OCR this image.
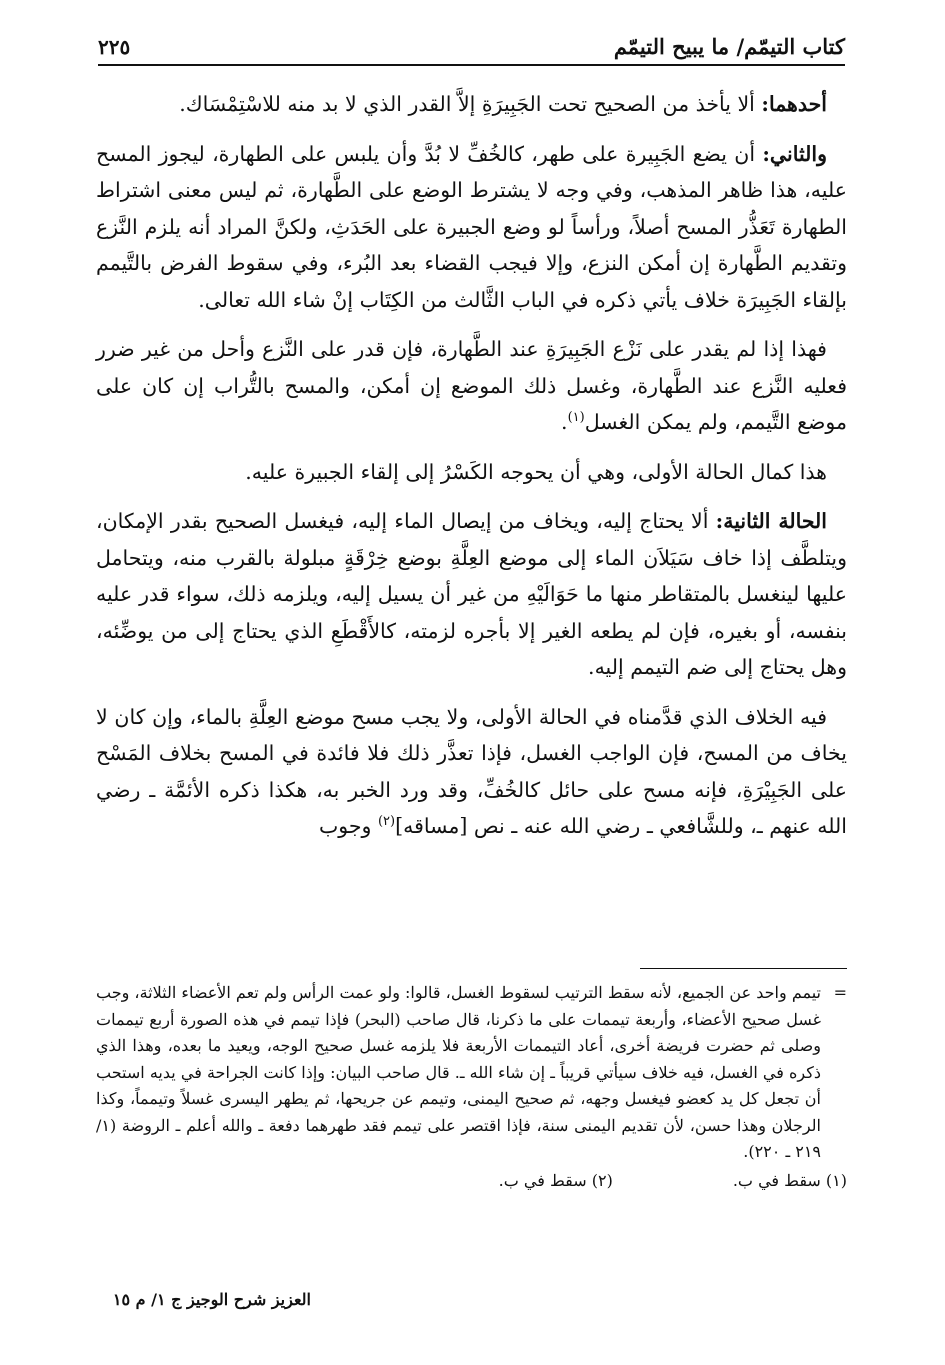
كتاب التيمّم/ ما يبيح التيمّم
٢٢٥

أحدهما: ألا يأخذ من الصحيح تحت الجَبِيرَةِ إلاَّ القدر الذي لا بد منه للاسْتِمْسَاك.

والثاني: أن يضع الجَبِيرة على طهر، كالخُفِّ لا بُدَّ وأن يلبس على الطهارة، ليجوز المسح عليه، هذا ظاهر المذهب، وفي وجه لا يشترط الوضع على الطَّهارة، ثم ليس معنى اشتراط الطهارة تَعَذُّر المسح أصلاً، ورأساً لو وضع الجبيرة على الحَدَثِ، ولكنَّ المراد أنه يلزم النَّزع وتقديم الطَّهارة إن أمكن النزع، وإلا فيجب القضاء بعد البُرء، وفي سقوط الفرض بالتَّيمم بإلقاء الجَبِيرَة خلاف يأتي ذكره في الباب الثَّالث من الكِتَاب إنْ شاء الله تعالى.

فهذا إذا لم يقدر على نَزْع الجَبِيرَةِ عند الطَّهارة، فإن قدر على النَّزع وأحل من غير ضرر فعليه النَّزع عند الطَّهارة، وغسل ذلك الموضع إن أمكن، والمسح بالتُّراب إن كان على موضع التَّيمم، ولم يمكن الغسل$^{(١)}$.

هذا كمال الحالة الأولى، وهي أن يحوجه الكَسْرُ إلى إلقاء الجبيرة عليه.

الحالة الثانية: ألا يحتاج إليه، ويخاف من إيصال الماء إليه، فيغسل الصحيح بقدر الإمكان، ويتلطَّف إذا خاف سَيَلاَن الماء إلى موضع العِلَّةِ بوضع خِرْقَةٍ مبلولة بالقرب منه، ويتحامل عليها لينغسل بالمتقاطر منها ما حَوَالَيْهِ من غير أن يسيل إليه، ويلزمه ذلك، سواء قدر عليه بنفسه، أو بغيره، فإن لم يطعه الغير إلا بأجره لزمته، كالأَقْطَعِ الذي يحتاج إلى من يوضِّئه، وهل يحتاج إلى ضم التيمم إليه.

فيه الخلاف الذي قدَّمناه في الحالة الأولى، ولا يجب مسح موضع العِلَّةِ بالماء، وإن كان لا يخاف من المسح، فإن الواجب الغسل، فإذا تعذَّر ذلك فلا فائدة في المسح بخلاف المَسْح على الجَبِيْرَةِ، فإنه مسح على حائل كالخُفِّ، وقد ورد الخبر به، هكذا ذكره الأئمَّة ـ رضي الله عنهم ـ، وللشَّافعي ـ رضي الله عنه ـ نص [مساقه]$^{(٢)}$ وجوب

=
تيمم واحد عن الجميع، لأنه سقط الترتيب لسقوط الغسل، قالوا: ولو عمت الرأس ولم تعم الأعضاء الثلاثة، وجب غسل صحيح الأعضاء، وأربعة تيممات على ما ذكرنا، قال صاحب (البحر) فإذا تيمم في هذه الصورة أربع تيممات وصلى ثم حضرت فريضة أخرى، أعاد التيممات الأربعة فلا يلزمه غسل صحيح الوجه، ويعيد ما بعده، وهذا الذي ذكره في الغسل، فيه خلاف سيأتي قريباً ـ إن شاء الله ـ. قال صاحب البيان: وإذا كانت الجراحة في يديه استحب أن تجعل كل يد كعضو فيغسل وجهه، ثم صحيح اليمنى، وتيمم عن جريحها، ثم يطهر اليسرى غسلاً وتيمماً، وكذا الرجلان وهذا حسن، لأن تقديم اليمنى سنة، فإذا اقتصر على تيمم فقد طهرهما دفعة ـ والله أعلم ـ الروضة (١/ ٢١٩ ـ ٢٢٠).
(١) سقط في ب.
(٢) سقط في ب.
العزيز شرح الوجيز ج ١/ م ١٥
